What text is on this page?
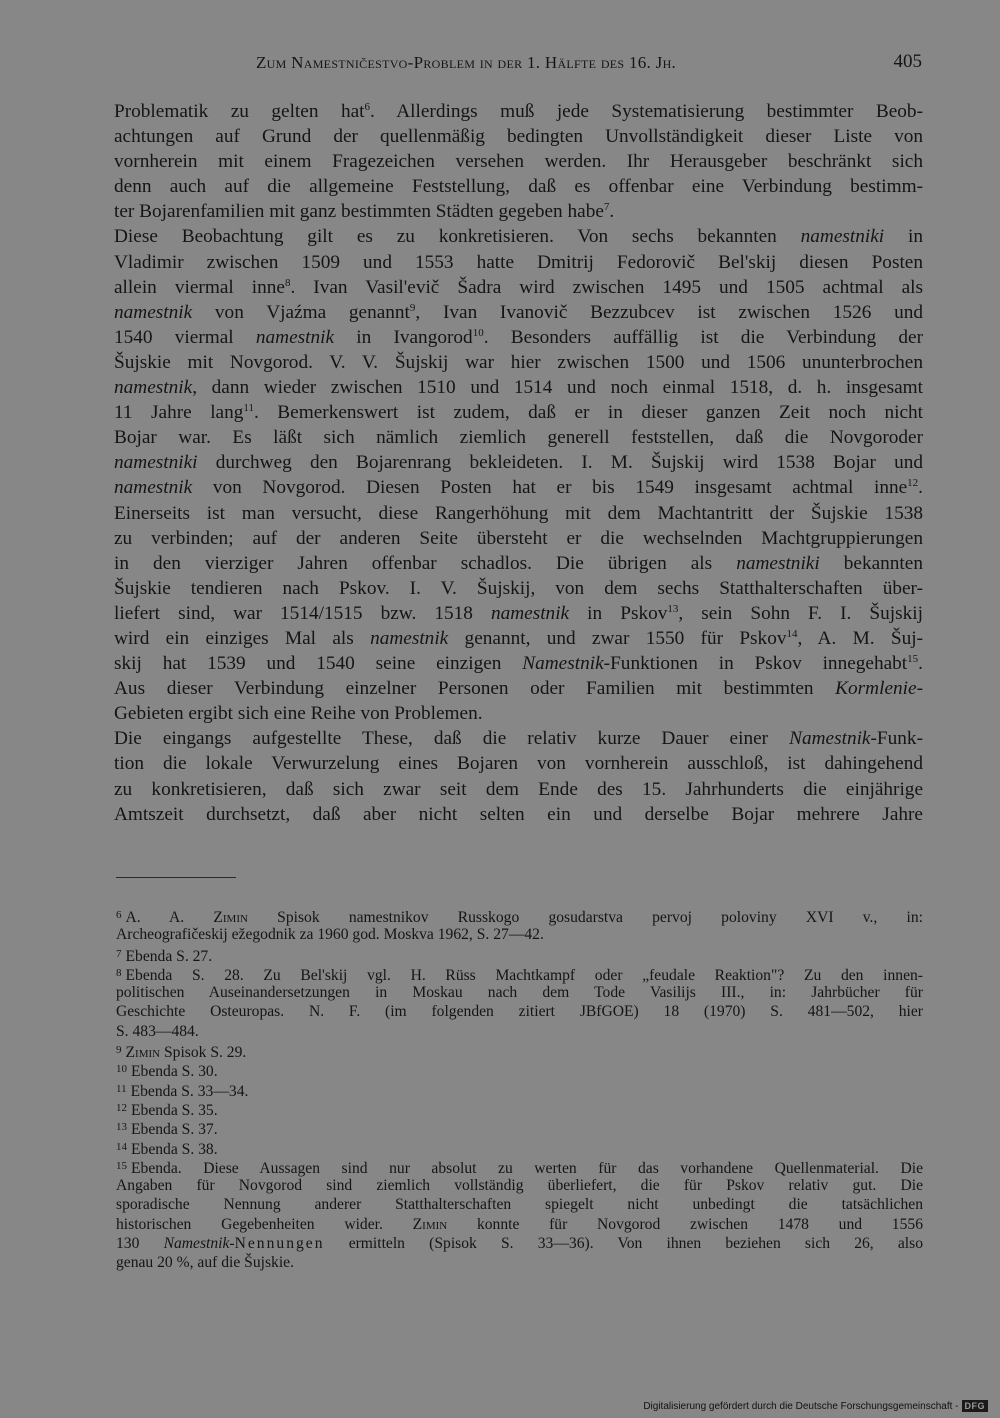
Zum Namestničestvo-Problem in der 1. Hälfte des 16. Jh.	405
Problematik zu gelten hat$^6$. Allerdings muß jede Systematisierung bestimmter Beob-
achtungen auf Grund der quellenmäßig bedingten Unvollständigkeit dieser Liste von
vornherein mit einem Fragezeichen versehen werden. Ihr Herausgeber beschränkt sich
denn auch auf die allgemeine Feststellung, daß es offenbar eine Verbindung bestimm-
ter Bojarenfamilien mit ganz bestimmten Städten gegeben habe$^7$.
Diese Beobachtung gilt es zu konkretisieren. Von sechs bekannten namestniki in
Vladimir zwischen 1509 und 1553 hatte Dmitrij Fedorovič Bel'skij diesen Posten
allein viermal inne$^8$. Ivan Vasil'evič Šadra wird zwischen 1495 und 1505 achtmal als
namestnik von Vjaźma genannt$^9$, Ivan Ivanovič Bezzubcev ist zwischen 1526 und
1540 viermal namestnik in Ivangorod$^{10}$. Besonders auffällig ist die Verbindung der
Šujskie mit Novgorod. V. V. Šujskij war hier zwischen 1500 und 1506 ununterbrochen
namestnik, dann wieder zwischen 1510 und 1514 und noch einmal 1518, d. h. insgesamt
11 Jahre lang$^{11}$. Bemerkenswert ist zudem, daß er in dieser ganzen Zeit noch nicht
Bojar war. Es läßt sich nämlich ziemlich generell feststellen, daß die Novgoroder
namestniki durchweg den Bojarenrang bekleideten. I. M. Šujskij wird 1538 Bojar und
namestnik von Novgorod. Diesen Posten hat er bis 1549 insgesamt achtmal inne$^{12}$.
Einerseits ist man versucht, diese Rangerhöhung mit dem Machtantritt der Šujskie 1538
zu verbinden; auf der anderen Seite übersteht er die wechselnden Machtgruppierungen
in den vierziger Jahren offenbar schadlos. Die übrigen als namestniki bekannten
Šujskie tendieren nach Pskov. I. V. Šujskij, von dem sechs Statthalterschaften über-
liefert sind, war 1514/1515 bzw. 1518 namestnik in Pskov$^{13}$, sein Sohn F. I. Šujskij
wird ein einziges Mal als namestnik genannt, und zwar 1550 für Pskov$^{14}$, A. M. Šuj-
skij hat 1539 und 1540 seine einzigen Namestnik-Funktionen in Pskov innegehabt$^{15}$.
Aus dieser Verbindung einzelner Personen oder Familien mit bestimmten Kormlenie-
Gebieten ergibt sich eine Reihe von Problemen.
Die eingangs aufgestellte These, daß die relativ kurze Dauer einer Namestnik-Funk-
tion die lokale Verwurzelung eines Bojaren von vornherein ausschloß, ist dahingehend
zu konkretisieren, daß sich zwar seit dem Ende des 15. Jahrhunderts die einjährige
Amtszeit durchsetzt, daß aber nicht selten ein und derselbe Bojar mehrere Jahre
$^6$ A. A. Zimin Spisok namestnikov Russkogo gosudarstva pervoj poloviny XVI v., in:
Archeografičeskij ežegodnik za 1960 god. Moskva 1962, S. 27—42.
$^7$ Ebenda S. 27.
$^8$ Ebenda S. 28. Zu Bel'skij vgl. H. Rüss Machtkampf oder „feudale Reaktion"? Zu den innen-
politischen Auseinandersetzungen in Moskau nach dem Tode Vasilijs III., in: Jahrbücher für
Geschichte Osteuropas. N. F. (im folgenden zitiert JBfGOE) 18 (1970) S. 481—502, hier
S. 483—484.
$^9$ Zimin Spisok S. 29.
$^{10}$ Ebenda S. 30.
$^{11}$ Ebenda S. 33—34.
$^{12}$ Ebenda S. 35.
$^{13}$ Ebenda S. 37.
$^{14}$ Ebenda S. 38.
$^{15}$ Ebenda. Diese Aussagen sind nur absolut zu werten für das vorhandene Quellenmaterial. Die
Angaben für Novgorod sind ziemlich vollständig überliefert, die für Pskov relativ gut. Die
sporadische Nennung anderer Statthalterschaften spiegelt nicht unbedingt die tatsächlichen
historischen Gegebenheiten wider. Zimin konnte für Novgorod zwischen 1478 und 1556
130 Namestnik-Nennungen ermitteln (Spisok S. 33—36). Von ihnen beziehen sich 26, also
genau 20 %, auf die Šujskie.
Digitalisierung gefördert durch die Deutsche Forschungsgemeinschaft - DFG
